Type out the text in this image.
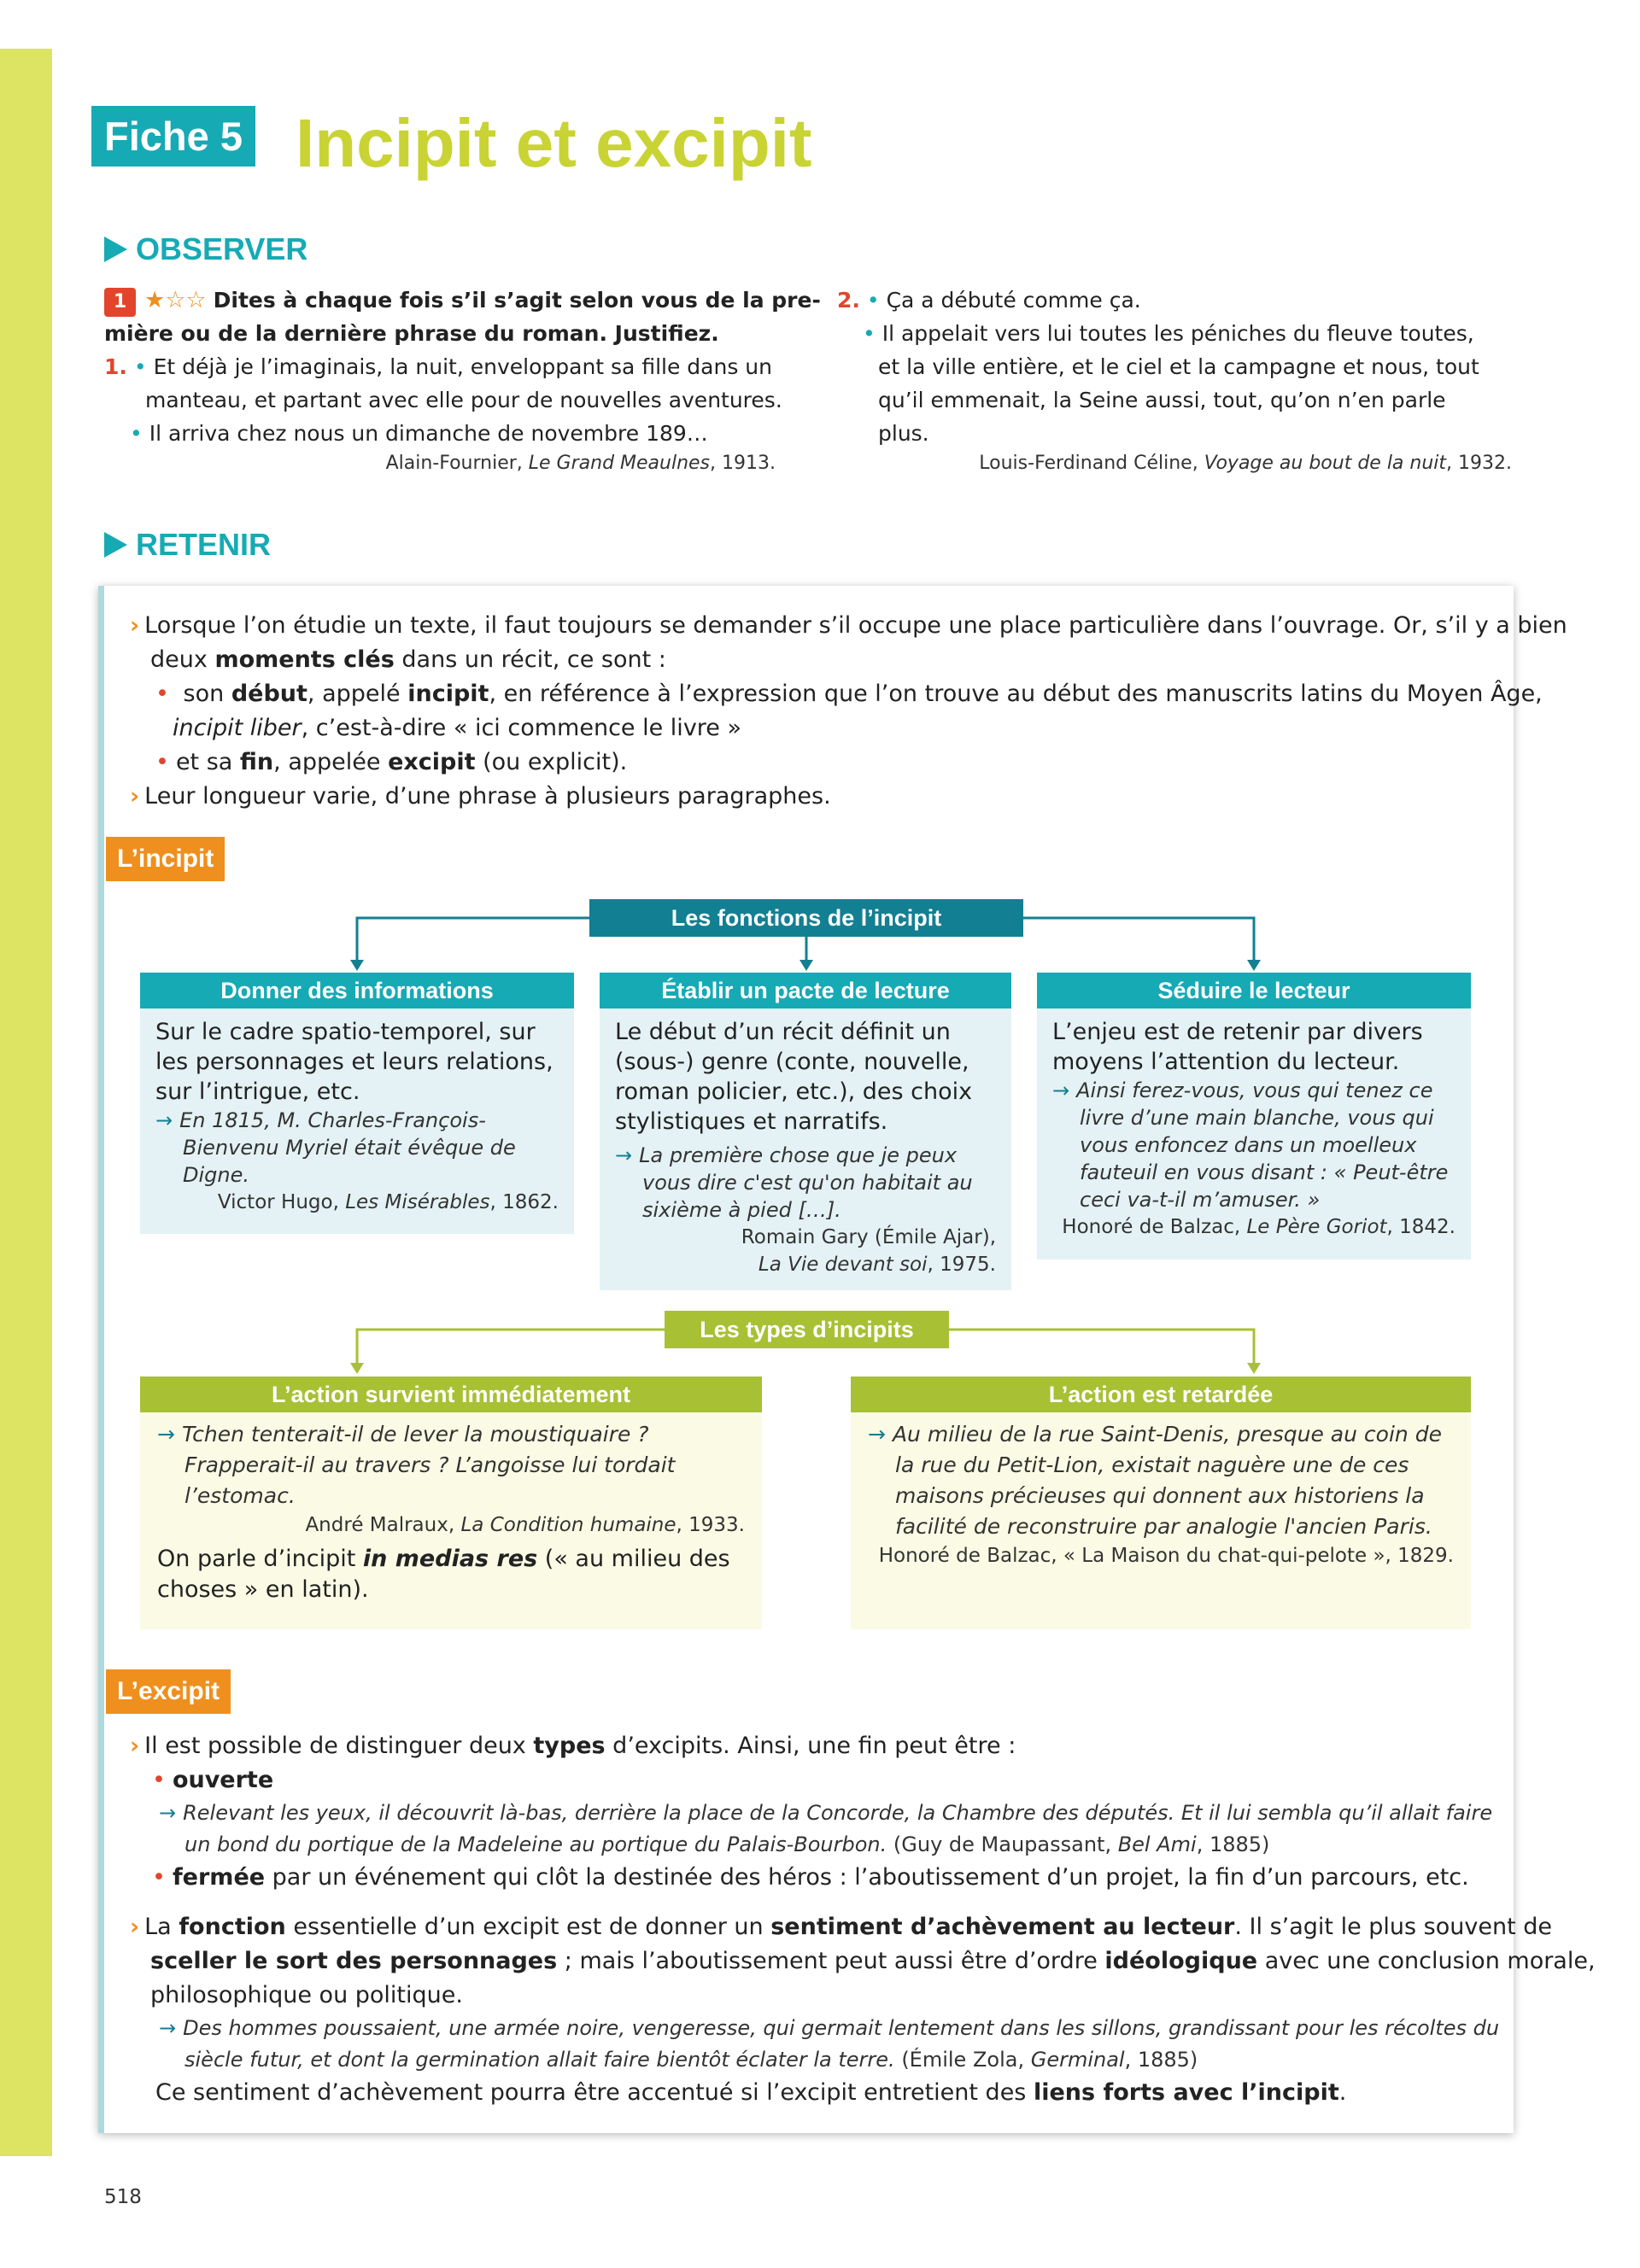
Fiche 5 Incipit et excipit
OBSERVER
1 ★☆☆ Dites à chaque fois s’il s’agit selon vous de la pre-
mière ou de la dernière phrase du roman. Justifiez.
1. • Et déjà je l’imaginais, la nuit, enveloppant sa fille dans un
manteau, et partant avec elle pour de nouvelles aventures.
• Il arriva chez nous un dimanche de novembre 189…
Alain-Fournier, Le Grand Meaulnes, 1913.
2. • Ça a débuté comme ça.
• Il appelait vers lui toutes les péniches du fleuve toutes,
et la ville entière, et le ciel et la campagne et nous, tout
qu’il emmenait, la Seine aussi, tout, qu’on n’en parle
plus.
Louis-Ferdinand Céline, Voyage au bout de la nuit, 1932.
RETENIR
› Lorsque l’on étudie un texte, il faut toujours se demander s’il occupe une place particulière dans l’ouvrage. Or, s’il y a bien
deux moments clés dans un récit, ce sont :
• son début, appelé incipit, en référence à l’expression que l’on trouve au début des manuscrits latins du Moyen Âge,
incipit liber, c’est-à-dire « ici commence le livre »
• et sa fin, appelée excipit (ou explicit).
› Leur longueur varie, d’une phrase à plusieurs paragraphes.
L’incipit
Les fonctions de l’incipit
Donner des informations
Sur le cadre spatio-temporel, sur les personnages et leurs relations, sur l’intrigue, etc.
→ En 1815, M. Charles-François-Bienvenu Myriel était évêque de Digne.
Victor Hugo, Les Misérables, 1862.
Établir un pacte de lecture
Le début d’un récit définit un (sous-) genre (conte, nouvelle, roman policier, etc.), des choix stylistiques et narratifs.
→ La première chose que je peux vous dire c'est qu'on habitait au sixième à pied […].
Romain Gary (Émile Ajar),
La Vie devant soi, 1975.
Séduire le lecteur
L’enjeu est de retenir par divers moyens l’attention du lecteur.
→ Ainsi ferez-vous, vous qui tenez ce livre d’une main blanche, vous qui vous enfoncez dans un moelleux fauteuil en vous disant : « Peut-être ceci va-t-il m’amuser. »
Honoré de Balzac, Le Père Goriot, 1842.
Les types d’incipits
L’action survient immédiatement
→ Tchen tenterait-il de lever la moustiquaire ? Frapperait-il au travers ? L’angoisse lui tordait l’estomac.
André Malraux, La Condition humaine, 1933.
On parle d’incipit in medias res (« au milieu des choses » en latin).
L’action est retardée
→ Au milieu de la rue Saint-Denis, presque au coin de la rue du Petit-Lion, existait naguère une de ces maisons précieuses qui donnent aux historiens la facilité de reconstruire par analogie l'ancien Paris.
Honoré de Balzac, « La Maison du chat-qui-pelote », 1829.
L’excipit
› Il est possible de distinguer deux types d’excipits. Ainsi, une fin peut être :
• ouverte
→ Relevant les yeux, il découvrit là-bas, derrière la place de la Concorde, la Chambre des députés. Et il lui sembla qu’il allait faire
un bond du portique de la Madeleine au portique du Palais-Bourbon. (Guy de Maupassant, Bel Ami, 1885)
• fermée par un événement qui clôt la destinée des héros : l’aboutissement d’un projet, la fin d’un parcours, etc.
› La fonction essentielle d’un excipit est de donner un sentiment d’achèvement au lecteur. Il s’agit le plus souvent de
sceller le sort des personnages ; mais l’aboutissement peut aussi être d’ordre idéologique avec une conclusion morale,
philosophique ou politique.
→ Des hommes poussaient, une armée noire, vengeresse, qui germait lentement dans les sillons, grandissant pour les récoltes du
siècle futur, et dont la germination allait faire bientôt éclater la terre. (Émile Zola, Germinal, 1885)
Ce sentiment d’achèvement pourra être accentué si l’excipit entretient des liens forts avec l’incipit.
518
